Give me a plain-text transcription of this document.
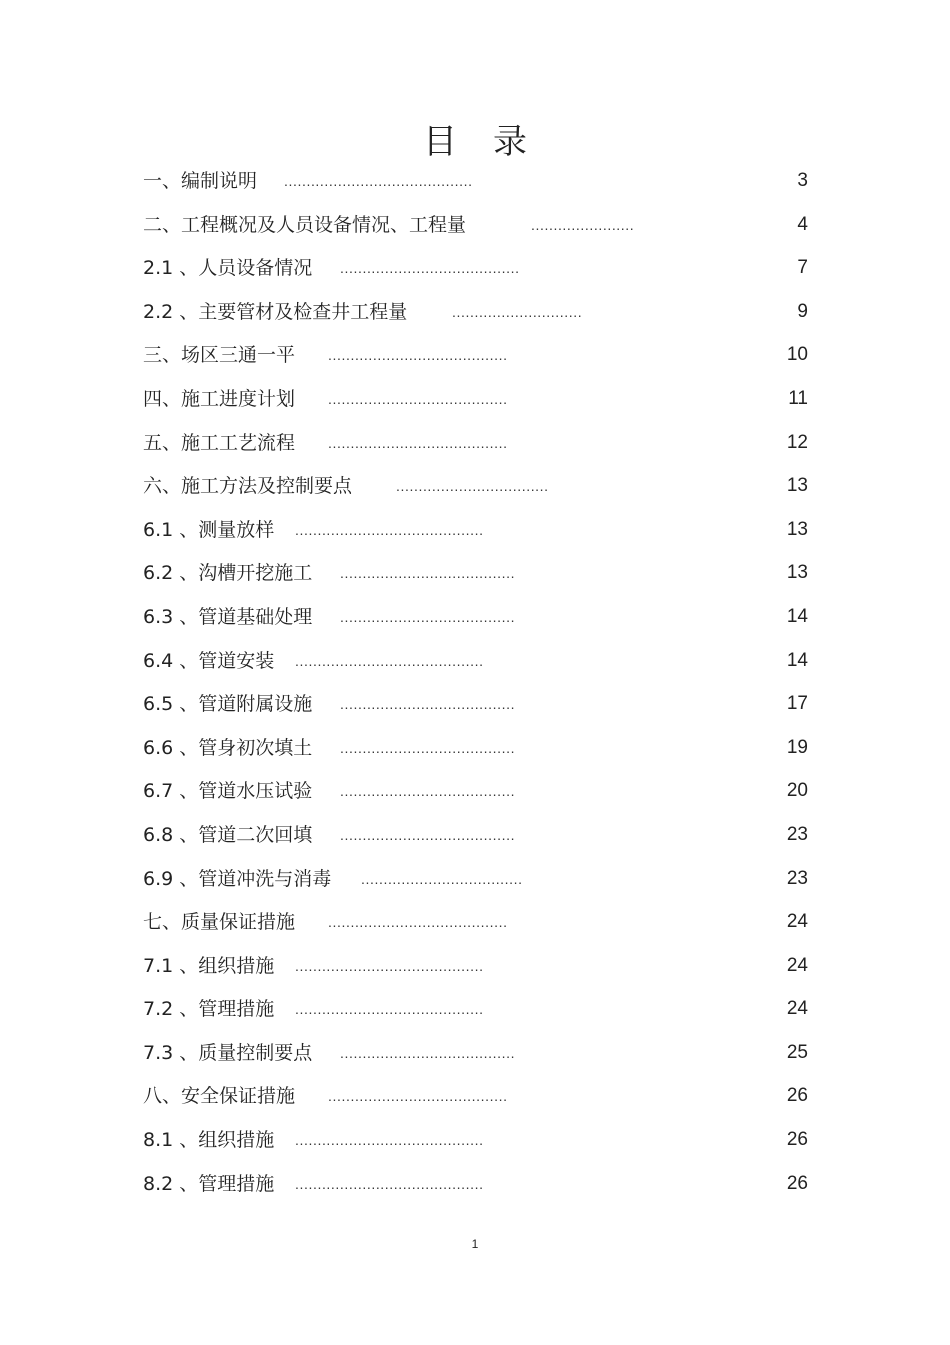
目录
一、编制说明 ..........................................	3
二、工程概况及人员设备情况、工程量	.......................	4
2.1 、人员设备情况 ........................................	7
2.2 、主要管材及检查井工程量	.............................	9
三、场区三通一平 ........................................	10
四、施工进度计划 ........................................	11
五、施工工艺流程 ........................................	12
六、施工方法及控制要点	..................................	13
6.1 、测量放样 ..........................................	13
6.2 、沟槽开挖施工 .......................................	13
6.3 、管道基础处理 .......................................	14
6.4 、管道安装 ..........................................	14
6.5 、管道附属设施 .......................................	17
6.6 、管身初次填土 .......................................	19
6.7 、管道水压试验 .......................................	20
6.8 、管道二次回填 .......................................	23
6.9 、管道冲洗与消毒 ....................................	23
七、质量保证措施 ........................................	24
7.1 、组织措施 ..........................................	24
7.2 、管理措施 ..........................................	24
7.3 、质量控制要点 .......................................	25
八、安全保证措施 ........................................	26
8.1 、组织措施 ..........................................	26
8.2 、管理措施 ..........................................	26
1
